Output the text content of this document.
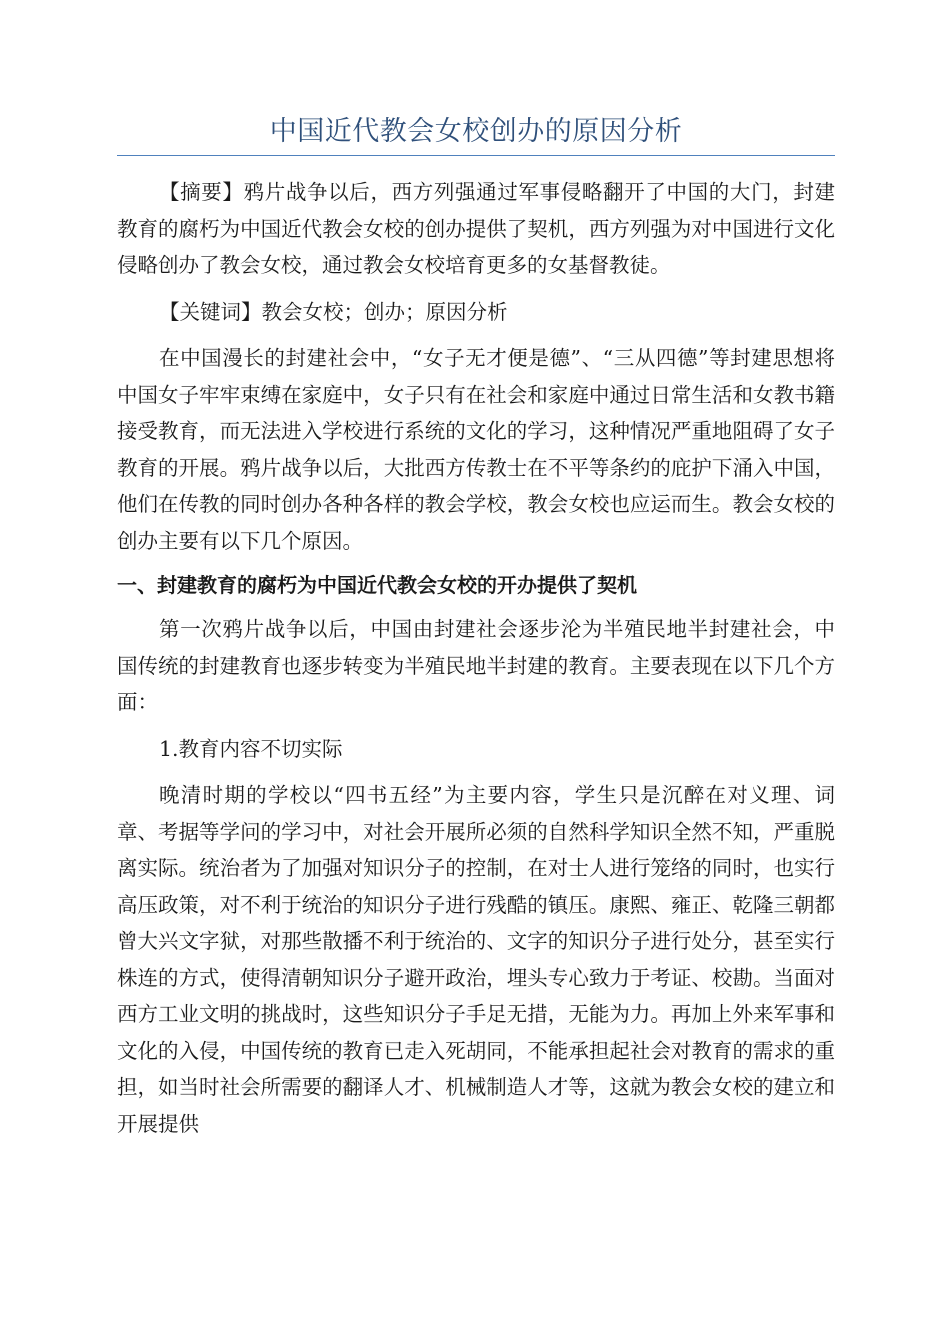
中国近代教会女校创办的原因分析

【摘要】鸦片战争以后，西方列强通过军事侵略翻开了中国的大门，封建教育的腐朽为中国近代教会女校的创办提供了契机，西方列强为对中国进行文化侵略创办了教会女校，通过教会女校培育更多的女基督教徒。

【关键词】教会女校；创办；原因分析

在中国漫长的封建社会中，“女子无才便是德”、“三从四德”等封建思想将中国女子牢牢束缚在家庭中，女子只有在社会和家庭中通过日常生活和女教书籍接受教育，而无法进入学校进行系统的文化的学习，这种情况严重地阻碍了女子教育的开展。鸦片战争以后，大批西方传教士在不平等条约的庇护下涌入中国，他们在传教的同时创办各种各样的教会学校，教会女校也应运而生。教会女校的创办主要有以下几个原因。

一、封建教育的腐朽为中国近代教会女校的开办提供了契机

第一次鸦片战争以后，中国由封建社会逐步沦为半殖民地半封建社会，中国传统的封建教育也逐步转变为半殖民地半封建的教育。主要表现在以下几个方面：

1.教育内容不切实际

晚清时期的学校以“四书五经”为主要内容，学生只是沉醉在对义理、词章、考据等学问的学习中，对社会开展所必须的自然科学知识全然不知，严重脱离实际。统治者为了加强对知识分子的控制，在对士人进行笼络的同时，也实行高压政策，对不利于统治的知识分子进行残酷的镇压。康熙、雍正、乾隆三朝都曾大兴文字狱，对那些散播不利于统治的、文字的知识分子进行处分，甚至实行株连的方式，使得清朝知识分子避开政治，埋头专心致力于考证、校勘。当面对西方工业文明的挑战时，这些知识分子手足无措，无能为力。再加上外来军事和文化的入侵，中国传统的教育已走入死胡同，不能承担起社会对教育的需求的重担，如当时社会所需要的翻译人才、机械制造人才等，这就为教会女校的建立和开展提供
